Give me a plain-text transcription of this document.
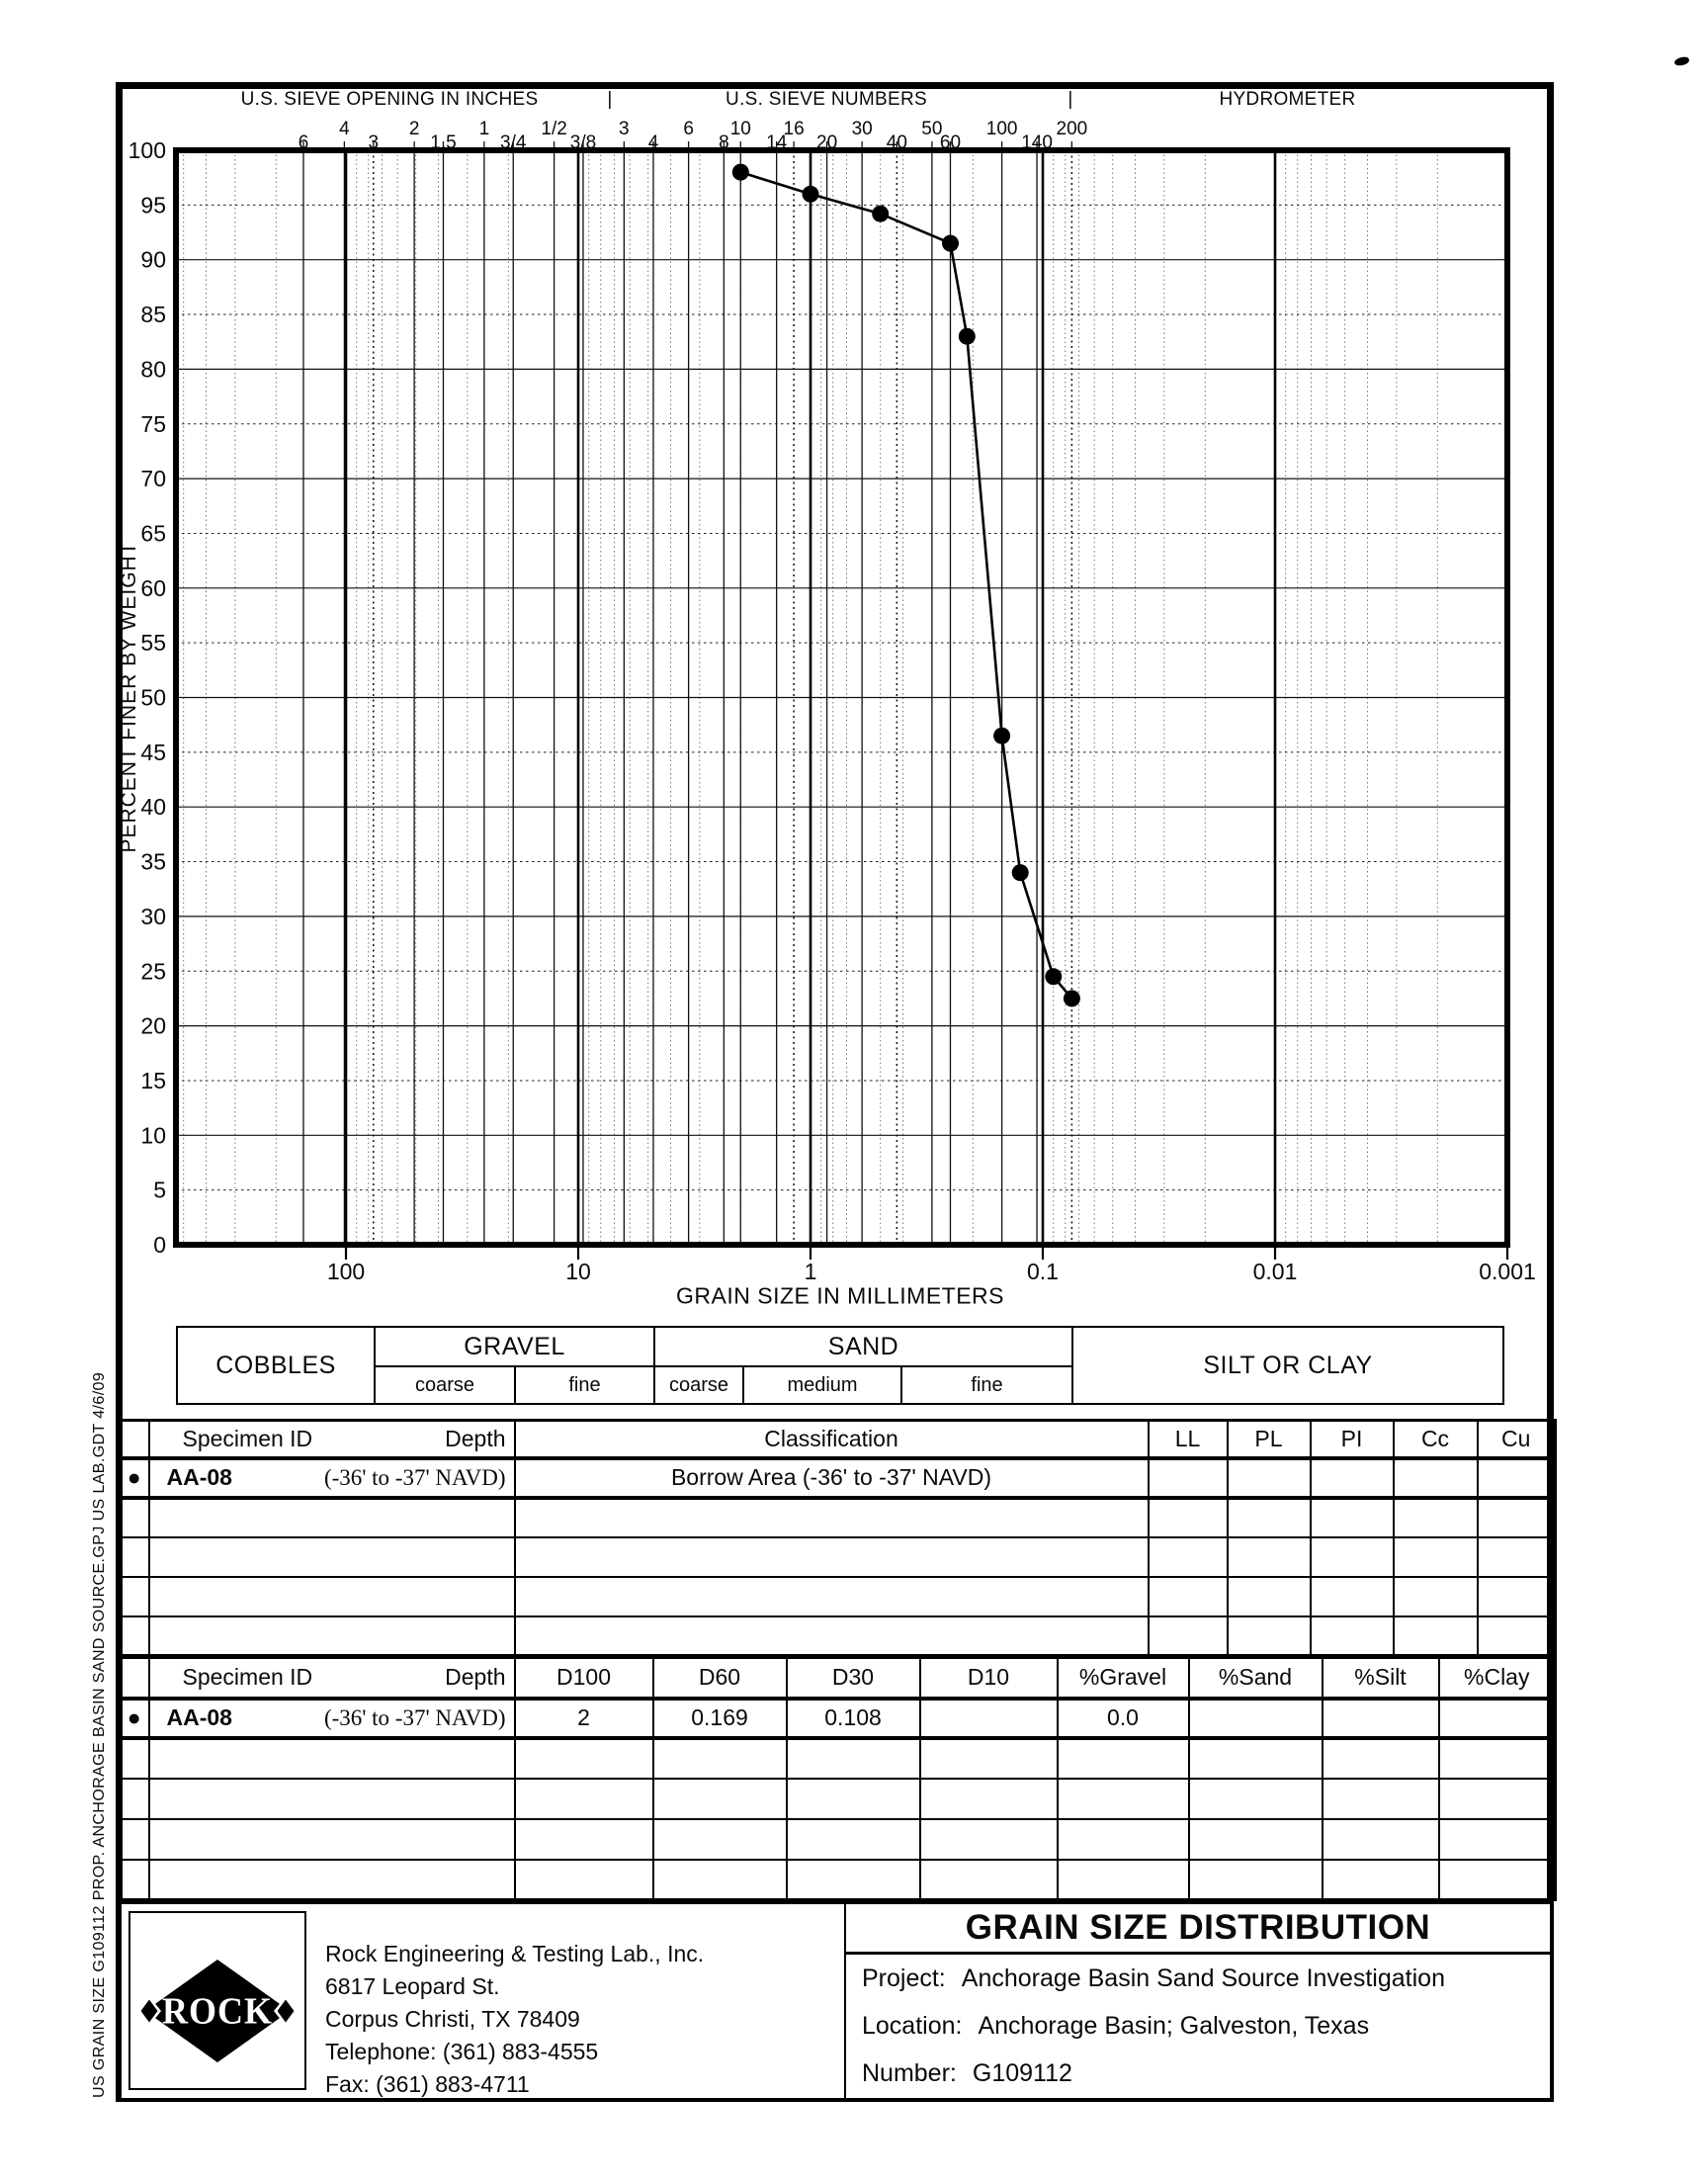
US GRAIN SIZE G109112 PROP. ANCHORAGE BASIN SAND SOURCE.GPJ US LAB.GDT 4/6/09
U.S. SIEVE OPENING IN INCHES	|	U.S. SIEVE NUMBERS	|	HYDROMETER
0
5
10
15
20
25
30
35
40
45
50
55
60
65
70
75
80
85
90
95
100	6
4
3
2
1.5
1
3/4
1/2
3/8
3
4
6
8
10
14
16
20
30
40
50
60
100
140
200
100	10	1	0.1	0.01	0.001
PERCENT FINER BY WEIGHT
GRAIN SIZE IN MILLIMETERS
COBBLES	GRAVEL		SAND			SILT OR CLAY
	coarse	fine	coarse	medium	fine	

	Specimen ID Depth	Classification	LL	PL	PI	Cc	Cu
●	AA-08 (-36' to -37' NAVD)	Borrow Area (-36' to -37' NAVD)					

	Specimen ID Depth	D100	D60	D30	D10	%Gravel	%Sand	%Silt	%Clay
●	AA-08 (-36' to -37' NAVD)	2	0.169	0.108		0.0			

ROCK
Rock Engineering & Testing Lab., Inc.
6817 Leopard St.
Corpus Christi, TX 78409
Telephone: (361) 883-4555
Fax: (361) 883-4711
GRAIN SIZE DISTRIBUTION
Project: Anchorage Basin Sand Source Investigation
Location: Anchorage Basin; Galveston, Texas
Number: G109112
